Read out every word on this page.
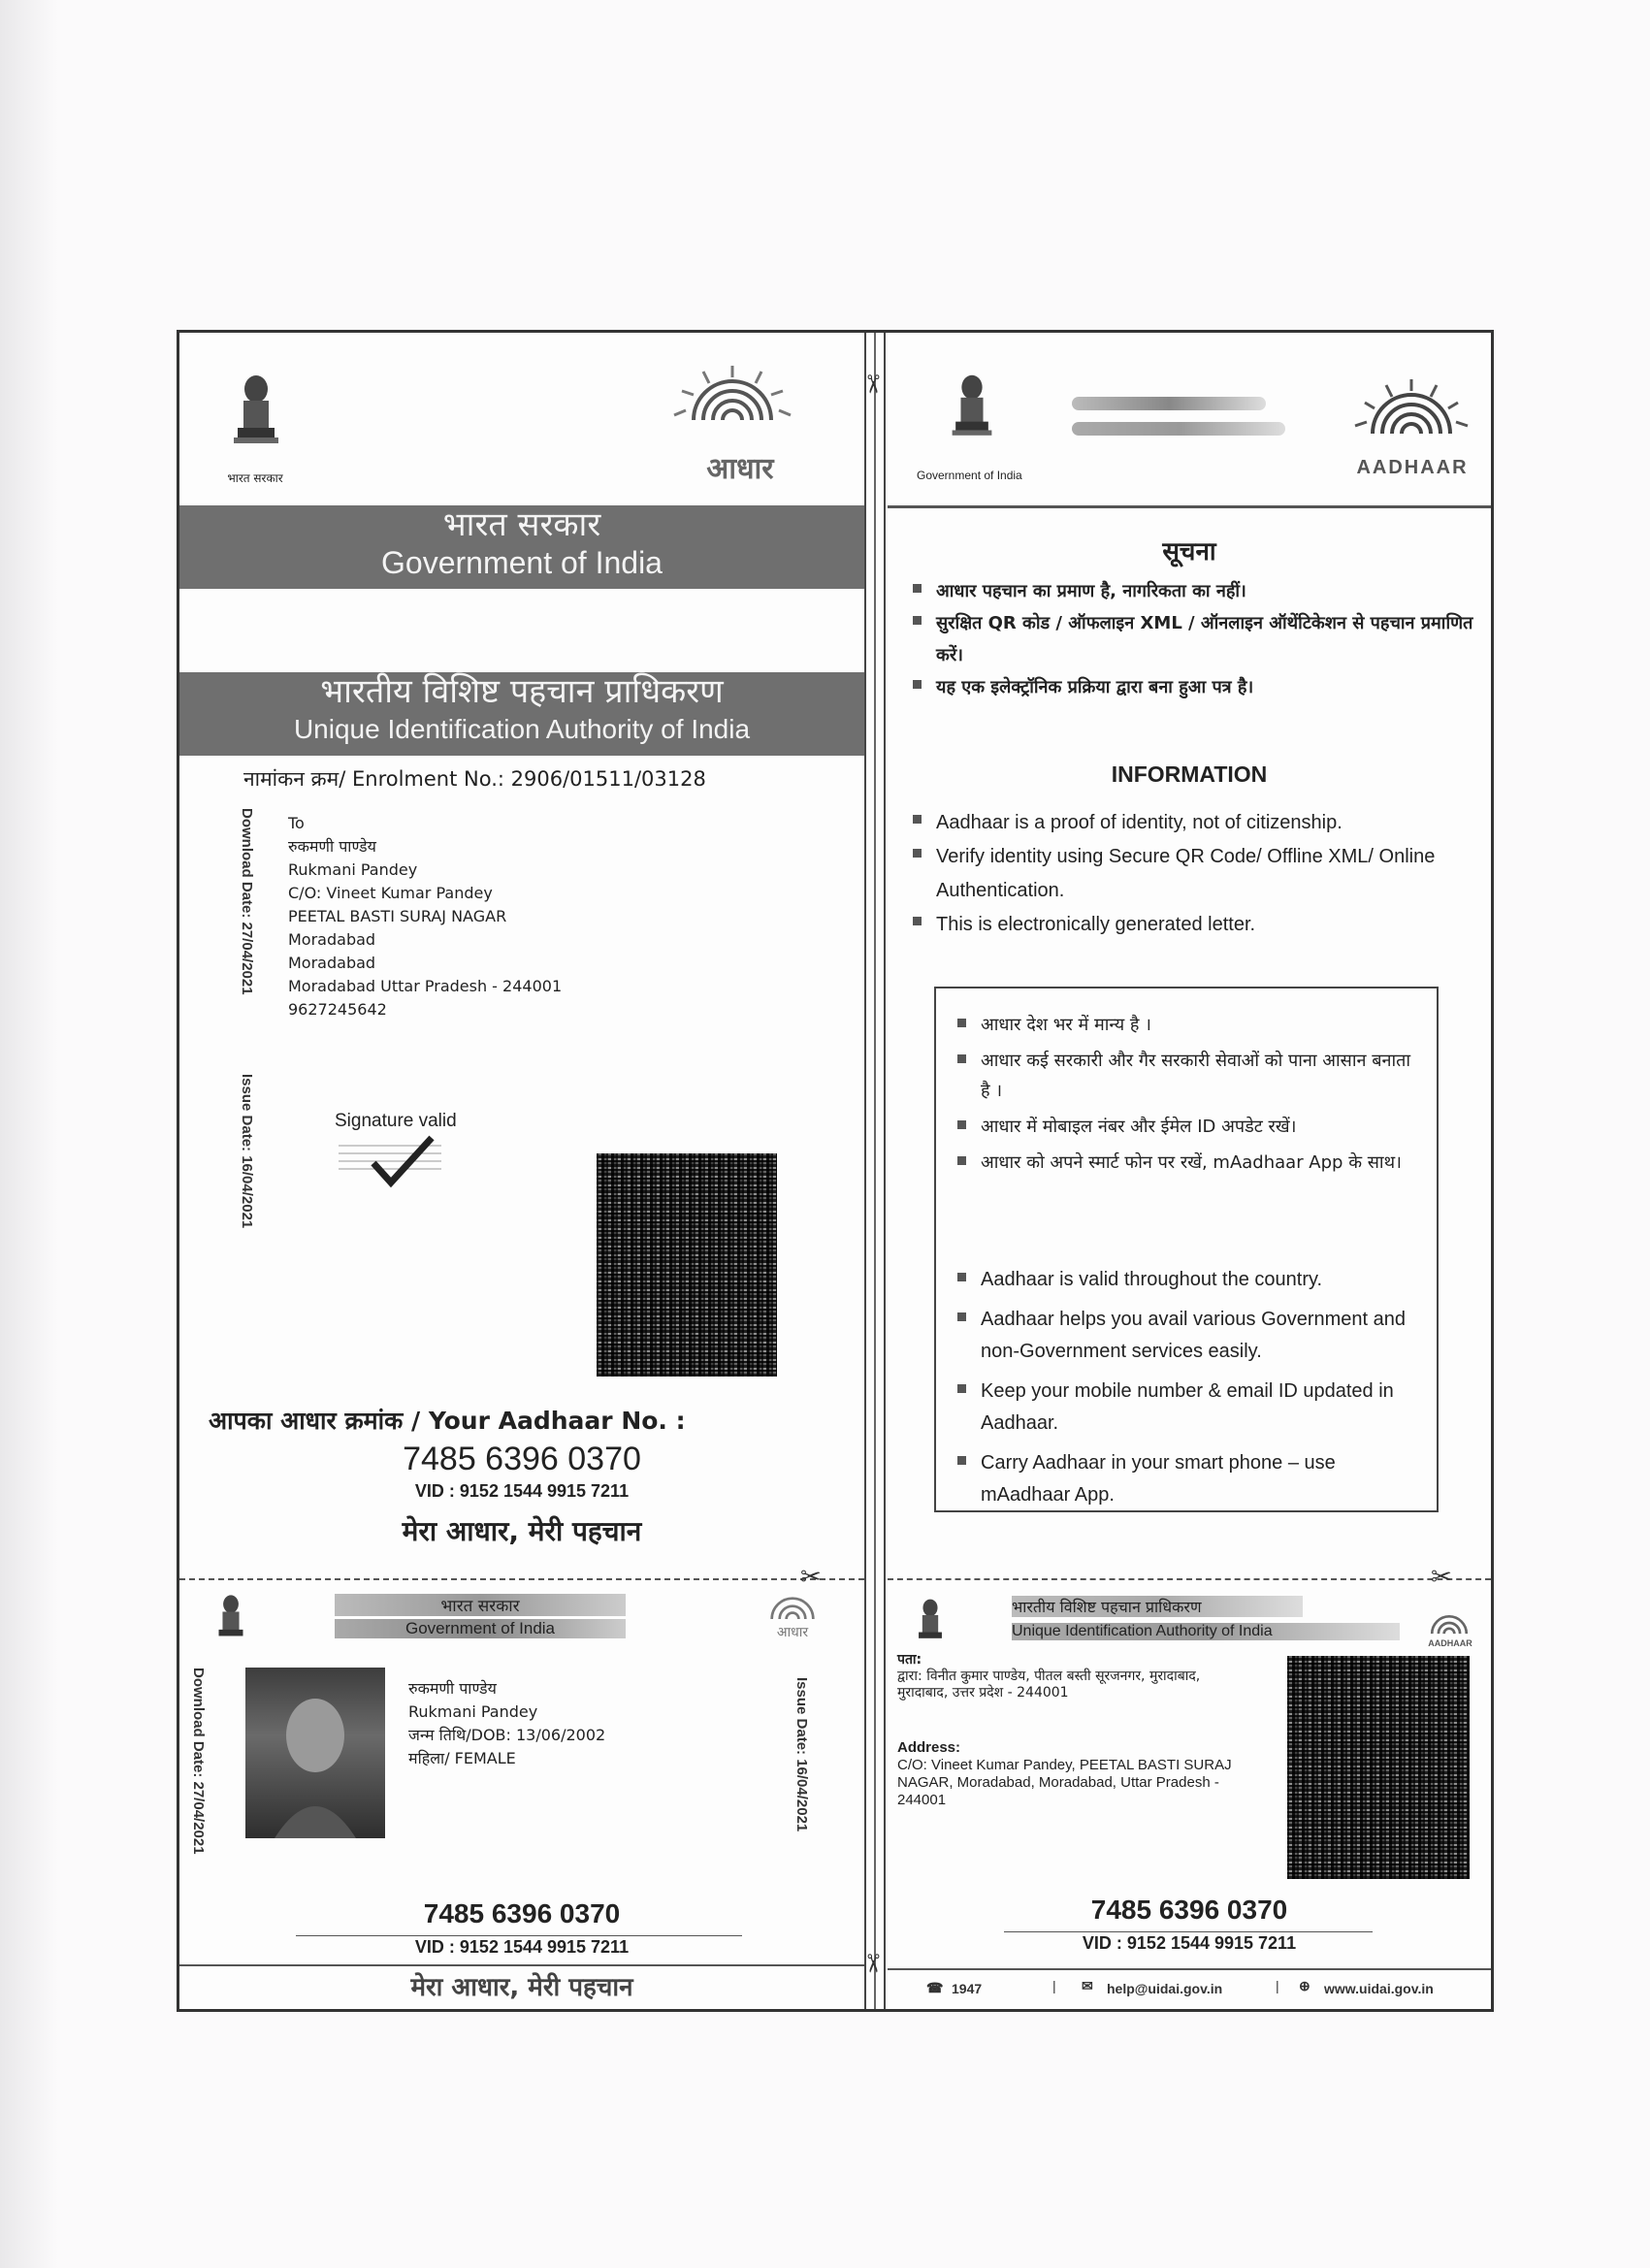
भारत सरकार	आधार
भारत सरकार
Government of India
भारतीय विशिष्ट पहचान प्राधिकरण
Unique Identification Authority of India
नामांकन क्रम/ Enrolment No.: 2906/01511/03128
Download Date: 27/04/2021
Issue Date: 16/04/2021
To
रुकमणी पाण्डेय
Rukmani Pandey
C/O: Vineet Kumar Pandey
PEETAL BASTI SURAJ NAGAR
Moradabad
Moradabad
Moradabad Uttar Pradesh - 244001
9627245642
Signature valid
आपका आधार क्रमांक / Your Aadhaar No. :
7485 6396 0370
VID : 9152 1544 9915 7211
मेरा आधार, मेरी पहचान
✂
भारत सरकार
Government of India	आधार
Download Date: 27/04/2021	Issue Date: 16/04/2021
रुकमणी पाण्डेय
Rukmani Pandey
जन्म तिथि/DOB: 13/06/2002
महिला/ FEMALE
7485 6396 0370
VID : 9152 1544 9915 7211
मेरा आधार, मेरी पहचान
✂
✂
Government of India	AADHAAR
सूचना
आधार पहचान का प्रमाण है, नागरिकता का नहीं।
सुरक्षित QR कोड / ऑफलाइन XML / ऑनलाइन ऑथेंटिकेशन से पहचान प्रमाणित करें।
यह एक इलेक्ट्रॉनिक प्रक्रिया द्वारा बना हुआ पत्र है।
INFORMATION
Aadhaar is a proof of identity, not of citizenship.
Verify identity using Secure QR Code/ Offline XML/ Online Authentication.
This is electronically generated letter.
आधार देश भर में मान्य है ।
आधार कई सरकारी और गैर सरकारी सेवाओं को पाना आसान बनाता है ।
आधार में मोबाइल नंबर और ईमेल ID अपडेट रखें।
आधार को अपने स्मार्ट फोन पर रखें, mAadhaar App के साथ।
Aadhaar is valid throughout the country.
Aadhaar helps you avail various Government and non-Government services easily.
Keep your mobile number & email ID updated in Aadhaar.
Carry Aadhaar in your smart phone – use mAadhaar App.
✂
भारतीय विशिष्ट पहचान प्राधिकरण
Unique Identification Authority of India
AADHAAR
पता:
द्वारा: विनीत कुमार पाण्डेय, पीतल बस्ती सूरजनगर, मुरादाबाद, मुरादाबाद, उत्तर प्रदेश - 244001
Address:
C/O: Vineet Kumar Pandey, PEETAL BASTI SURAJ NAGAR, Moradabad, Moradabad, Uttar Pradesh - 244001
7485 6396 0370
VID : 9152 1544 9915 7211
☎ 1947	| ✉ help@uidai.gov.in	| ⊕ www.uidai.gov.in
